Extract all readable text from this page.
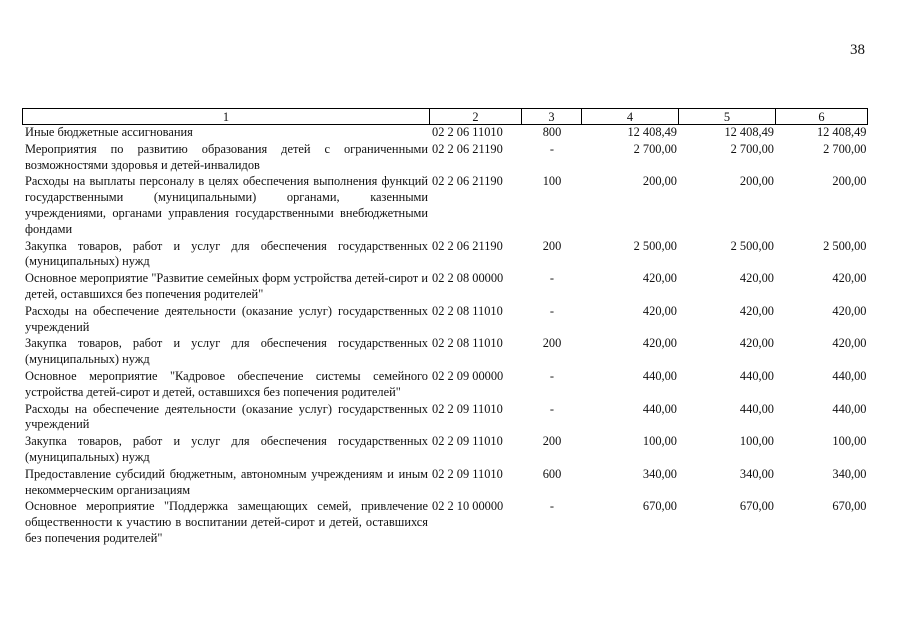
38
1	2	3	4	5	6
Иные бюджетные ассигнования	02 2 06 11010	800	12 408,49	12 408,49	12 408,49
Мероприятия по развитию образования детей с ограниченными возможностями здоровья и детей-инвалидов	02 2 06 21190	-	2 700,00	2 700,00	2 700,00
Расходы на выплаты персоналу в целях обеспечения выполнения функций государственными (муниципальными) органами, казенными учреждениями, органами управления государственными внебюджетными фондами	02 2 06 21190	100	200,00	200,00	200,00
Закупка товаров, работ и услуг для обеспечения государственных (муниципальных) нужд	02 2 06 21190	200	2 500,00	2 500,00	2 500,00
Основное мероприятие "Развитие семейных форм устройства детей-сирот и детей, оставшихся без попечения родителей"	02 2 08 00000	-	420,00	420,00	420,00
Расходы на обеспечение деятельности (оказание услуг) государственных учреждений	02 2 08 11010	-	420,00	420,00	420,00
Закупка товаров, работ и услуг для обеспечения государственных (муниципальных) нужд	02 2 08 11010	200	420,00	420,00	420,00
Основное мероприятие "Кадровое обеспечение системы семейного устройства детей-сирот и детей, оставшихся без попечения родителей"	02 2 09 00000	-	440,00	440,00	440,00
Расходы на обеспечение деятельности (оказание услуг) государственных учреждений	02 2 09 11010	-	440,00	440,00	440,00
Закупка товаров, работ и услуг для обеспечения государственных (муниципальных) нужд	02 2 09 11010	200	100,00	100,00	100,00
Предоставление субсидий бюджетным, автономным учреждениям и иным некоммерческим организациям	02 2 09 11010	600	340,00	340,00	340,00
Основное мероприятие "Поддержка замещающих семей, привлечение общественности к участию в воспитании детей-сирот и детей, оставшихся без попечения родителей"	02 2 10 00000	-	670,00	670,00	670,00
